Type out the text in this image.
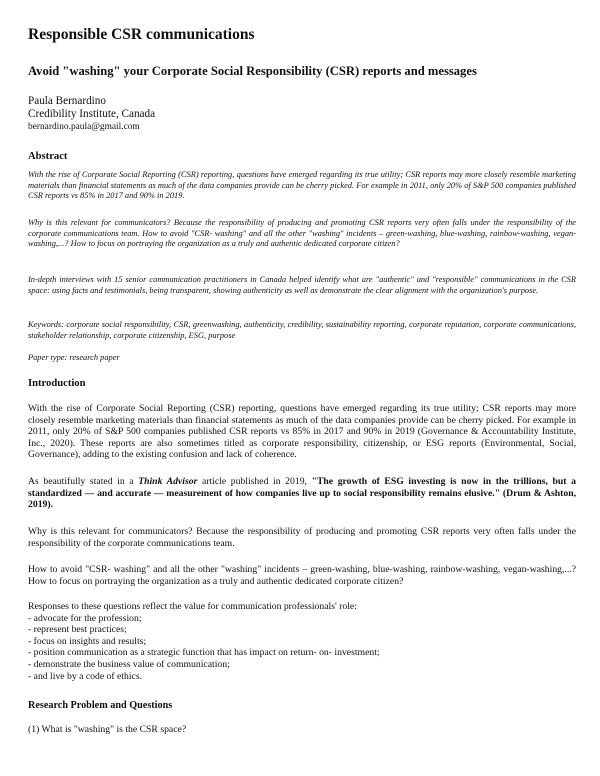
Responsible CSR communications
Avoid "washing" your Corporate Social Responsibility (CSR) reports and messages
Paula Bernardino
Credibility Institute, Canada
bernardino.paula@gmail.com
Abstract
With the rise of Corporate Social Reporting (CSR) reporting, questions have emerged regarding its true utility; CSR reports may more closely resemble marketing materials than financial statements as much of the data companies provide can be cherry picked. For example in 2011, only 20% of S&P 500 companies published CSR reports vs 85% in 2017 and 90% in 2019.
Why is this relevant for communicators? Because the responsibility of producing and promoting CSR reports very often falls under the responsibility of the corporate communications team. How to avoid "CSR- washing" and all the other "washing" incidents – green-washing, blue-washing, rainbow-washing, vegan-washing,...? How to focus on portraying the organization as a truly and authentic dedicated corporate citizen?
In-depth interviews with 15 senior communication practitioners in Canada helped identify what are "authentic" and "responsible" communications in the CSR space: using facts and testimonials, being transparent, showing authenticity as well as demonstrate the clear alignment with the organization's purpose.
Keywords: corporate social responsibility, CSR, greenwashing, authenticity, credibility, sustainability reporting, corporate reputation, corporate communications, stakeholder relationship, corporate citizenship, ESG, purpose
Paper type: research paper
Introduction
With the rise of Corporate Social Reporting (CSR) reporting, questions have emerged regarding its true utility; CSR reports may more closely resemble marketing materials than financial statements as much of the data companies provide can be cherry picked. For example in 2011, only 20% of S&P 500 companies published CSR reports vs 85% in 2017 and 90% in 2019 (Governance & Accountability Institute, Inc., 2020). These reports are also sometimes titled as corporate responsibility, citizenship, or ESG reports (Environmental, Social, Governance), adding to the existing confusion and lack of coherence.
As beautifully stated in a Think Advisor article published in 2019, "The growth of ESG investing is now in the trillions, but a standardized — and accurate — measurement of how companies live up to social responsibility remains elusive." (Drum & Ashton, 2019).
Why is this relevant for communicators? Because the responsibility of producing and promoting CSR reports very often falls under the responsibility of the corporate communications team.
How to avoid "CSR- washing" and all the other "washing" incidents – green-washing, blue-washing, rainbow-washing, vegan-washing,...? How to focus on portraying the organization as a truly and authentic dedicated corporate citizen?

Responses to these questions reflect the value for communication professionals' role:

- advocate for the profession;
- represent best practices;
- focus on insights and results;
- position communication as a strategic function that has impact on return- on- investment;
- demonstrate the business value of communication;
- and live by a code of ethics.
Research Problem and Questions
(1) What is "washing" is the CSR space?
